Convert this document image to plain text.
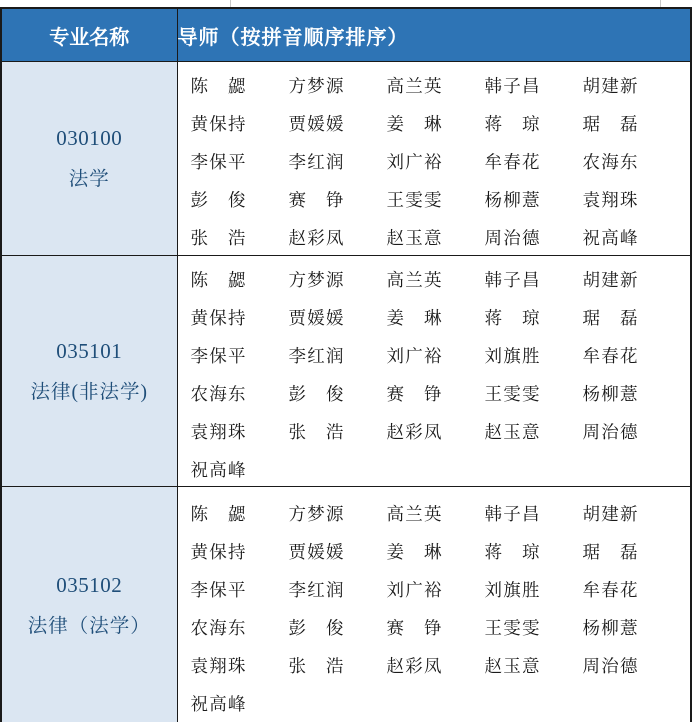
专业名称	导师（按拼音顺序排序）

030100
法学

陈勰 方梦源 高兰英 韩子昌 胡建新
黄保持 贾媛媛 姜琳 蒋琼 琚磊
李保平 李红润 刘广裕 牟春花 农海东
彭俊 赛铮 王雯雯 杨柳薏 袁翔珠
张浩 赵彩凤 赵玉意 周治德 祝高峰

035101
法律(非法学)

陈勰 方梦源 高兰英 韩子昌 胡建新
黄保持 贾媛媛 姜琳 蒋琼 琚磊
李保平 李红润 刘广裕 刘旗胜 牟春花
农海东 彭俊 赛铮 王雯雯 杨柳薏
袁翔珠 张浩 赵彩凤 赵玉意 周治德
祝高峰

035102
法律（法学）

陈勰 方梦源 高兰英 韩子昌 胡建新
黄保持 贾媛媛 姜琳 蒋琼 琚磊
李保平 李红润 刘广裕 刘旗胜 牟春花
农海东 彭俊 赛铮 王雯雯 杨柳薏
袁翔珠 张浩 赵彩凤 赵玉意 周治德
祝高峰
